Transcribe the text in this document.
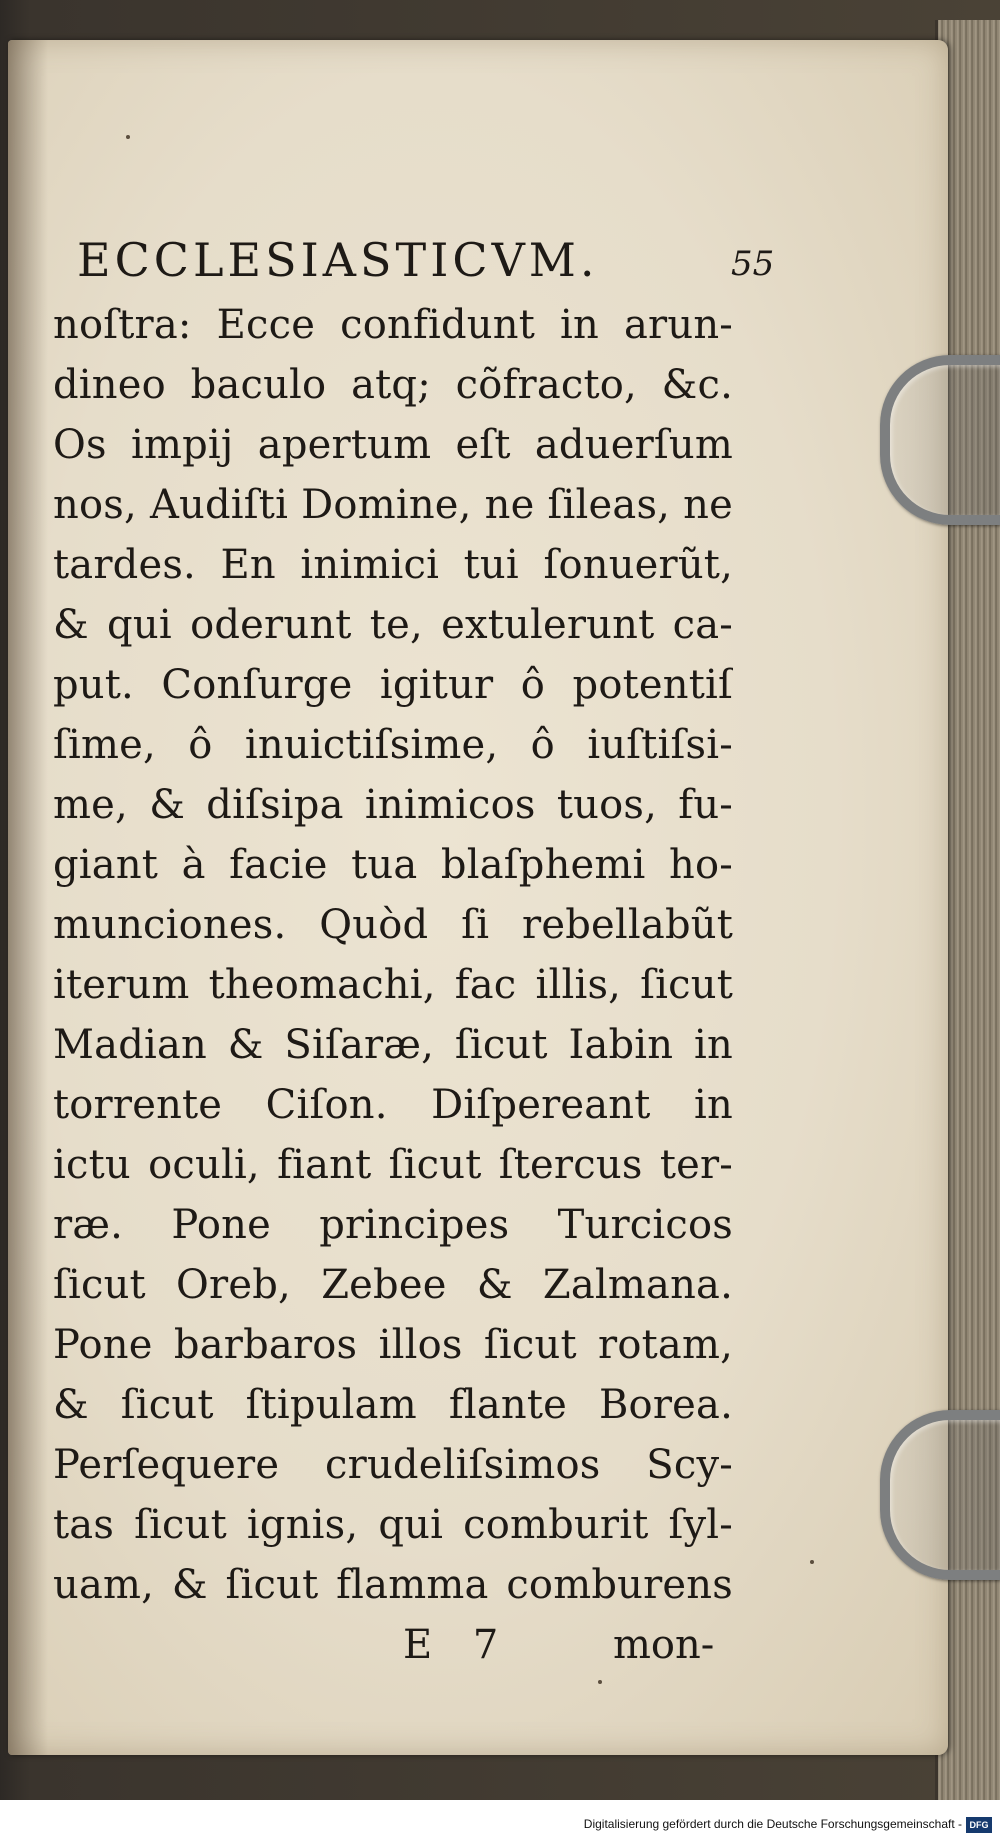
ECCLESIASTICVM.	55
noſtra: Ecce confidunt in arun-
dineo baculo atq; cõfracto, &c.
Os impij apertum eſt aduerſum
nos, Audiſti Domine, ne ſileas, ne
tardes. En inimici tui ſonuerũt,
& qui oderunt te, extulerunt ca-
put. Conſurge igitur ô potentiſ
ſime, ô inuictiſsime, ô iuſtiſsi-
me, & diſsipa inimicos tuos, fu-
giant à facie tua blaſphemi ho-
munciones. Quòd ſi rebellabũt
iterum theomachi, fac illis, ſicut
Madian & Siſaræ, ſicut Iabin in
torrente Ciſon. Diſpereant in
ictu oculi, fiant ſicut ſtercus ter-
ræ. Pone principes Turcicos
ſicut Oreb, Zebee & Zalmana.
Pone barbaros illos ſicut rotam,
& ſicut ſtipulam flante Borea.
Perſequere crudeliſsimos Scy-
tas ſicut ignis, qui comburit ſyl-
uam, & ſicut flamma comburens
E 7	mon-
Digitalisierung gefördert durch die Deutsche Forschungsgemeinschaft - DFG
